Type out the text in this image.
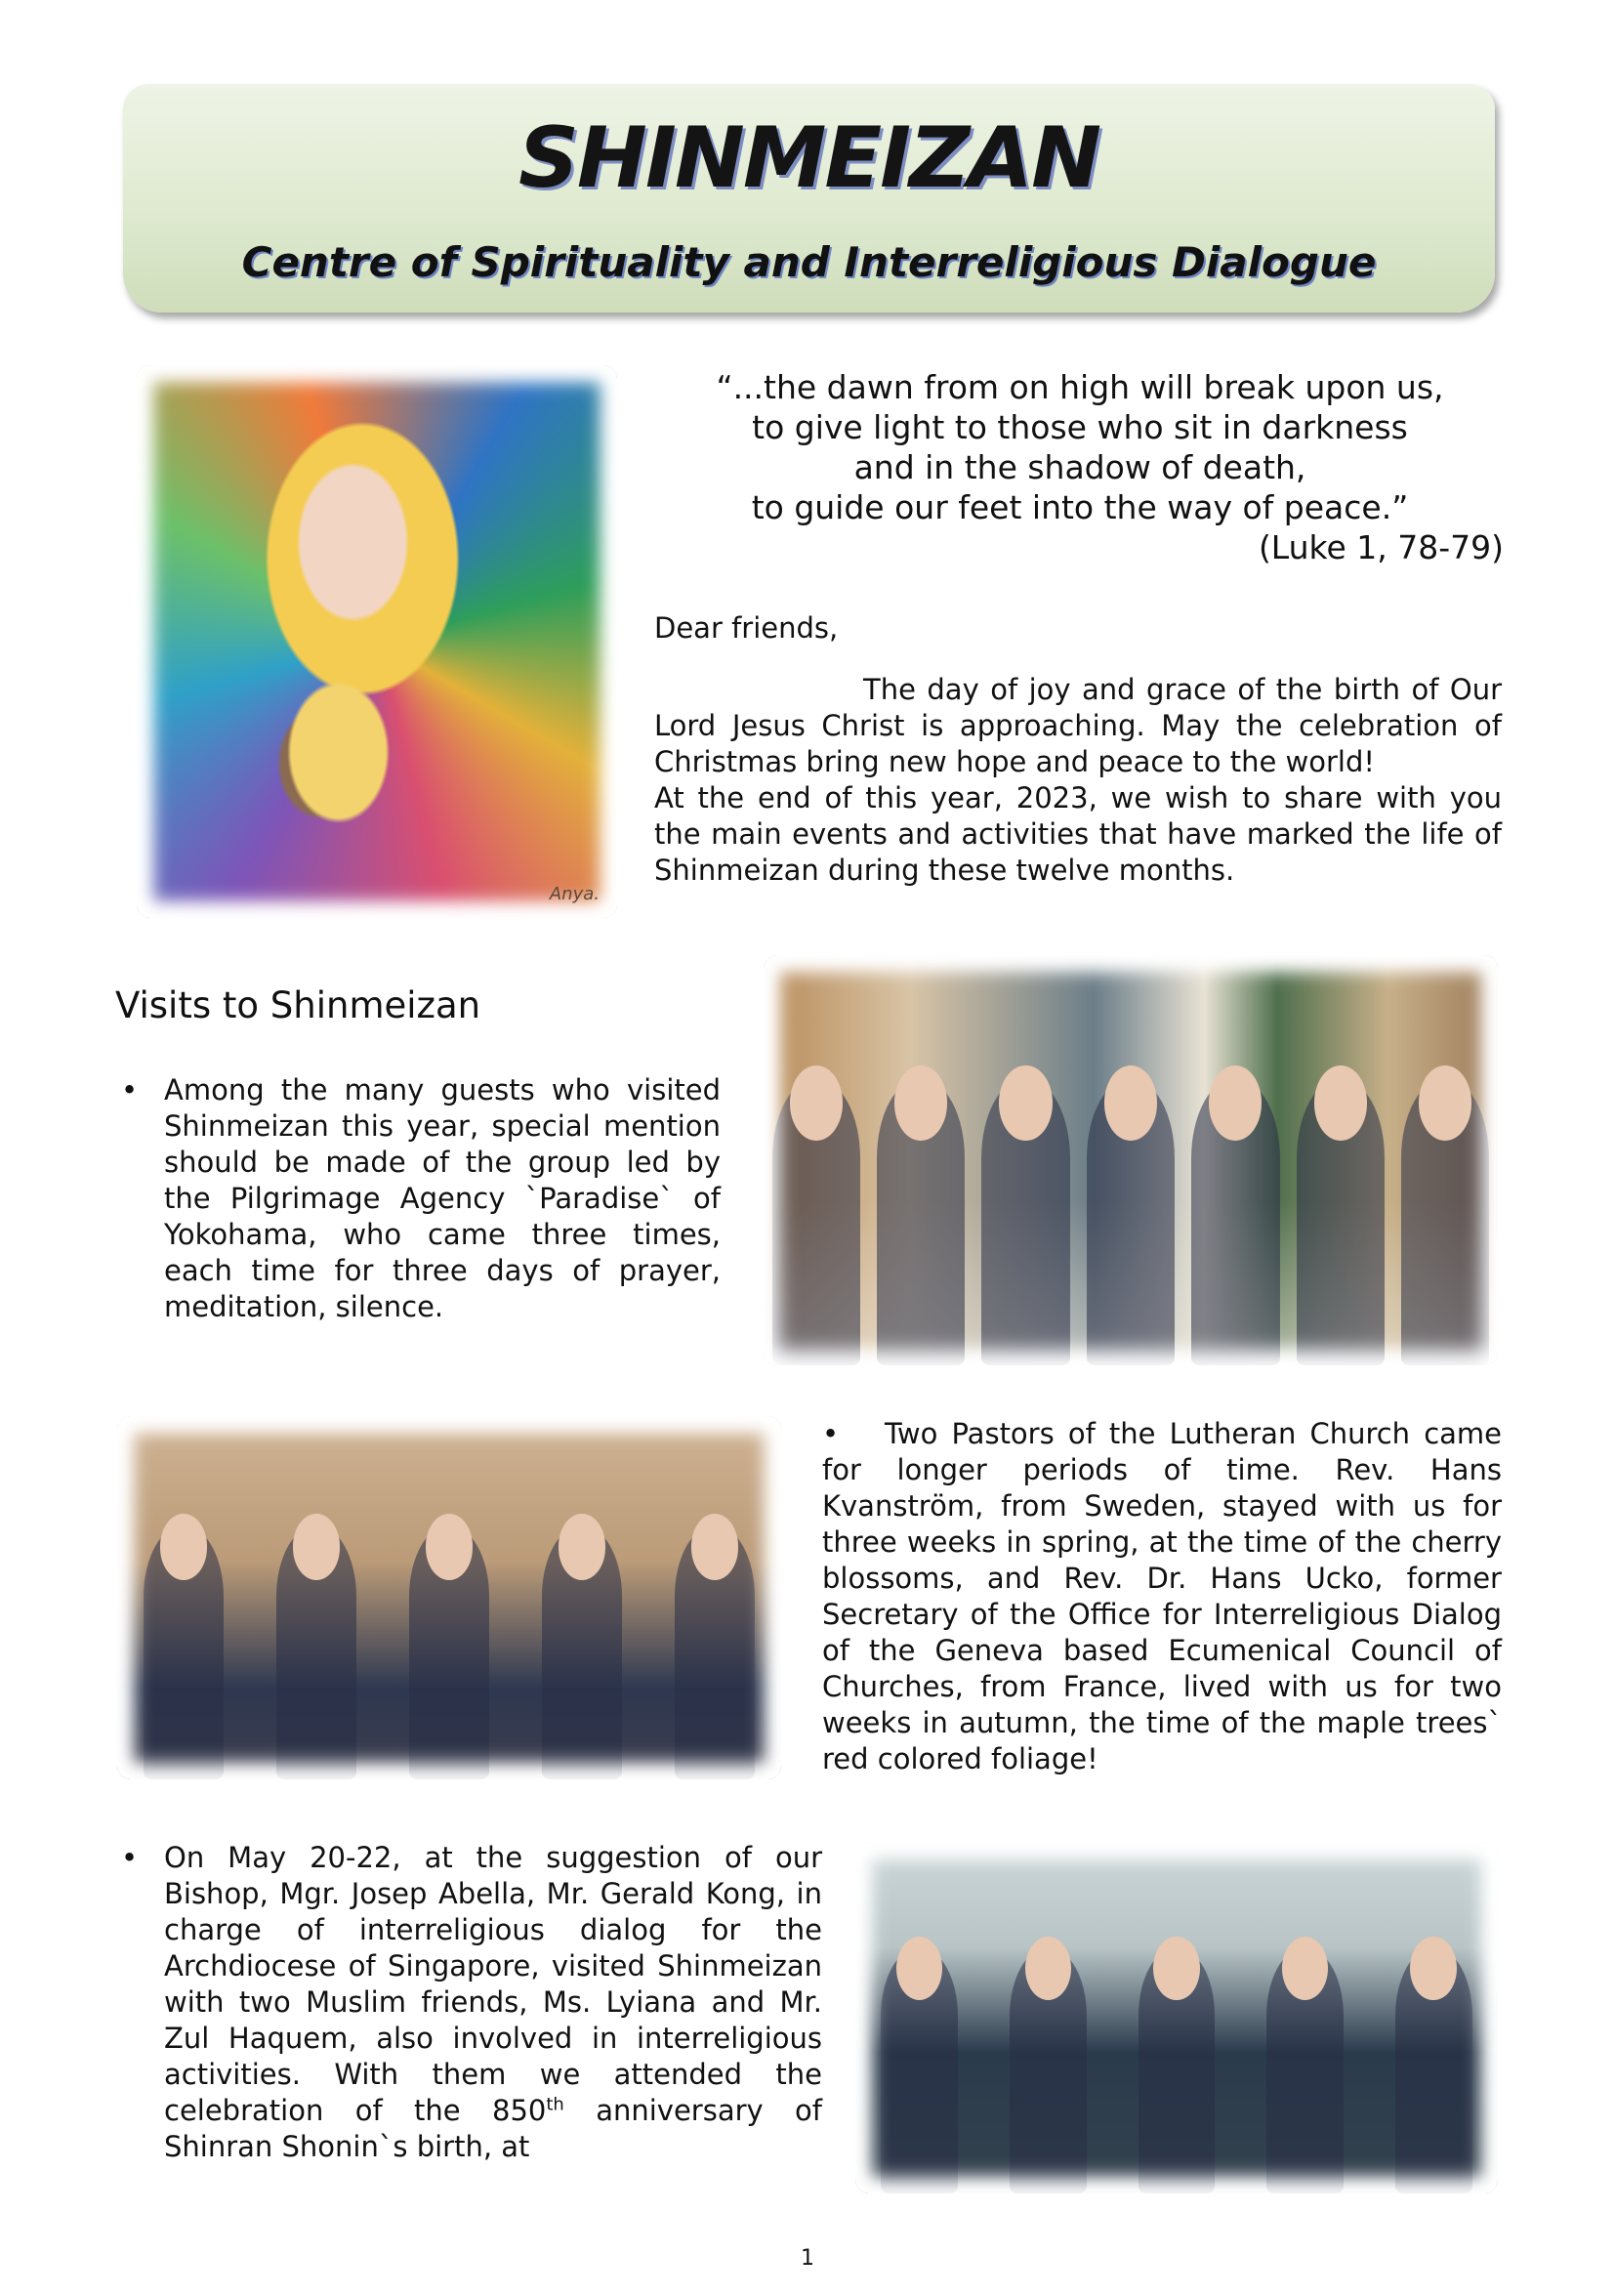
SHINMEIZAN
Centre of Spirituality and Interreligious Dialogue
Anya.
“...the dawn from on high will break upon us,
to give light to those who sit in darkness
and in the shadow of death,
to guide our feet into the way of peace.”
(Luke 1, 78-79)
Dear friends,

The day of joy and grace of the birth of Our Lord Jesus Christ is approaching. May the celebration of Christmas bring new hope and peace to the world!

At the end of this year, 2023, we wish to share with you the main events and activities that have marked the life of Shinmeizan during these twelve months.

Visits to Shinmeizan
• Among the many guests who visited Shinmeizan this year, special mention should be made of the group led by the Pilgrimage Agency `Paradise` of Yokohama, who came three times, each time for three days of prayer, meditation, silence.
•	Two Pastors of the Lutheran Church came for longer periods of time. Rev. Hans Kvanström, from Sweden, stayed with us for three weeks in spring, at the time of the cherry blossoms, and Rev. Dr. Hans Ucko, former Secretary of the Office for Interreligious Dialog of the Geneva based Ecumenical Council of Churches, from France, lived with us for two weeks in autumn, the time of the maple trees` red colored foliage!
• On May 20-22, at the suggestion of our Bishop, Mgr. Josep Abella, Mr. Gerald Kong, in charge of interreligious dialog for the Archdiocese of Singapore, visited Shinmeizan with two Muslim friends, Ms. Lyiana and Mr. Zul Haquem, also involved in interreligious activities. With them we attended the celebration of the 850th anniversary of Shinran Shonin`s birth, at
1
